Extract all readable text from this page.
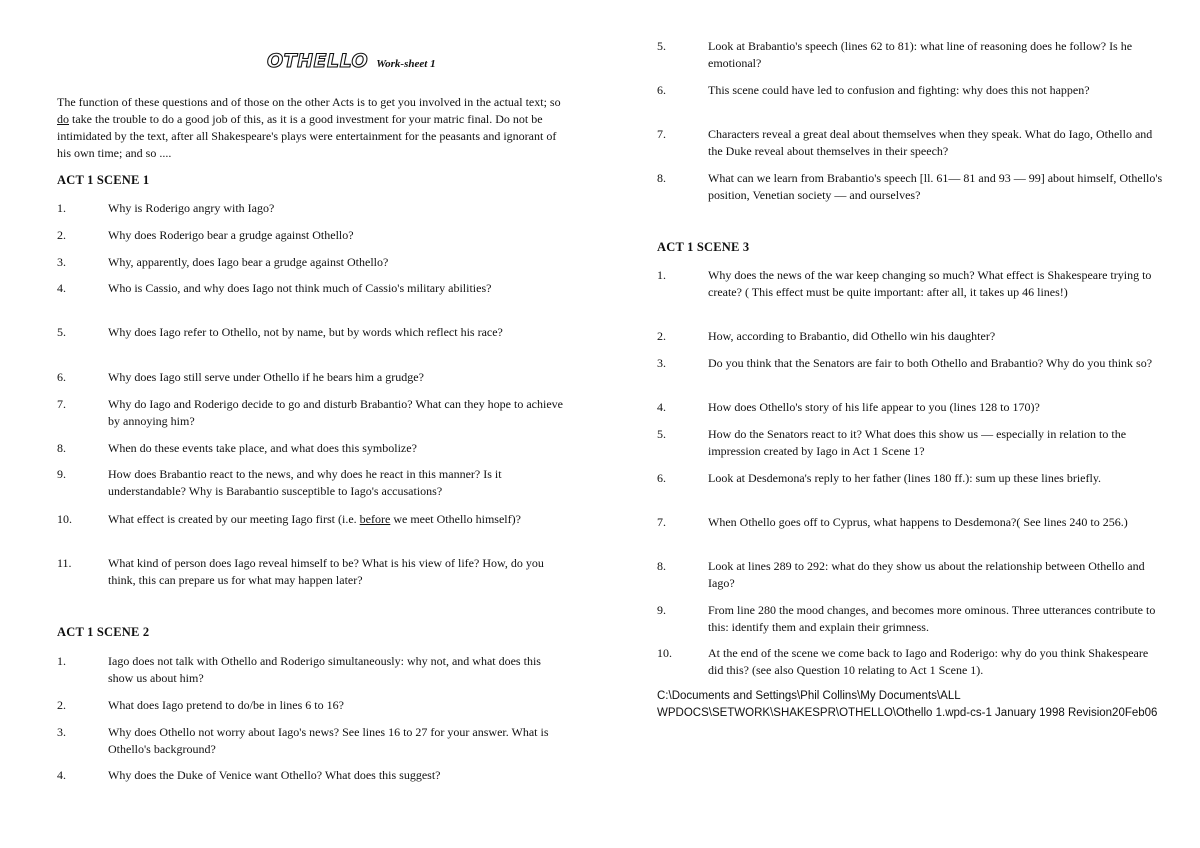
OTHELLO Work-sheet 1
The function of these questions and of those on the other Acts is to get you involved in the actual text; so do take the trouble to do a good job of this, as it is a good investment for your matric final. Do not be intimidated by the text, after all Shakespeare's plays were entertainment for the peasants and ignorant of his own time; and so ....
ACT 1 SCENE 1
1.	Why is Roderigo angry with Iago?
2.	Why does Roderigo bear a grudge against Othello?
3.	Why, apparently, does Iago bear a grudge against Othello?
4.	Who is Cassio, and why does Iago not think much of Cassio's military abilities?
5.	Why does Iago refer to Othello, not by name, but by words which reflect his race?
6.	Why does Iago still serve under Othello if he bears him a grudge?
7.	Why do Iago and Roderigo decide to go and disturb Brabantio? What can they hope to achieve by annoying him?
8.	When do these events take place, and what does this symbolize?
9.	How does Brabantio react to the news, and why does he react in this manner? Is it understandable? Why is Barabantio susceptible to Iago's accusations?
10.	What effect is created by our meeting Iago first (i.e. before we meet Othello himself)?
11.	What kind of person does Iago reveal himself to be? What is his view of life? How, do you think, this can prepare us for what may happen later?
ACT 1 SCENE 2
1.	Iago does not talk with Othello and Roderigo simultaneously: why not, and what does this show us about him?
2.	What does Iago pretend to do/be in lines 6 to 16?
3.	Why does Othello not worry about Iago's news? See lines 16 to 27 for your answer. What is Othello's background?
4.	Why does the Duke of Venice want Othello? What does this suggest?
5.	Look at Brabantio's speech (lines 62 to 81): what line of reasoning does he follow? Is he emotional?
6.	This scene could have led to confusion and fighting: why does this not happen?
7.	Characters reveal a great deal about themselves when they speak. What do Iago, Othello and the Duke reveal about themselves in their speech?
8.	What can we learn from Brabantio's speech [ll. 61— 81 and 93 — 99] about himself, Othello's position, Venetian society — and ourselves?
ACT 1 SCENE 3
1.	Why does the news of the war keep changing so much? What effect is Shakespeare trying to create? ( This effect must be quite important: after all, it takes up 46 lines!)
2.	How, according to Brabantio, did Othello win his daughter?
3.	Do you think that the Senators are fair to both Othello and Brabantio? Why do you think so?
4.	How does Othello's story of his life appear to you (lines 128 to 170)?
5.	How do the Senators react to it? What does this show us — especially in relation to the impression created by Iago in Act 1 Scene 1?
6.	Look at Desdemona's reply to her father (lines 180 ff.): sum up these lines briefly.
7.	When Othello goes off to Cyprus, what happens to Desdemona?( See lines 240 to 256.)
8.	Look at lines 289 to 292: what do they show us about the relationship between Othello and Iago?
9.	From line 280 the mood changes, and becomes more ominous. Three utterances contribute to this: identify them and explain their grimness.
10.	At the end of the scene we come back to Iago and Roderigo: why do you think Shakespeare did this? (see also Question 10 relating to Act 1 Scene 1).
C:\Documents and Settings\Phil Collins\My Documents\ALL WPDOCS\SETWORK\SHAKESPR\OTHELLO\Othello 1.wpd-cs-1 January 1998 Revision20Feb06
